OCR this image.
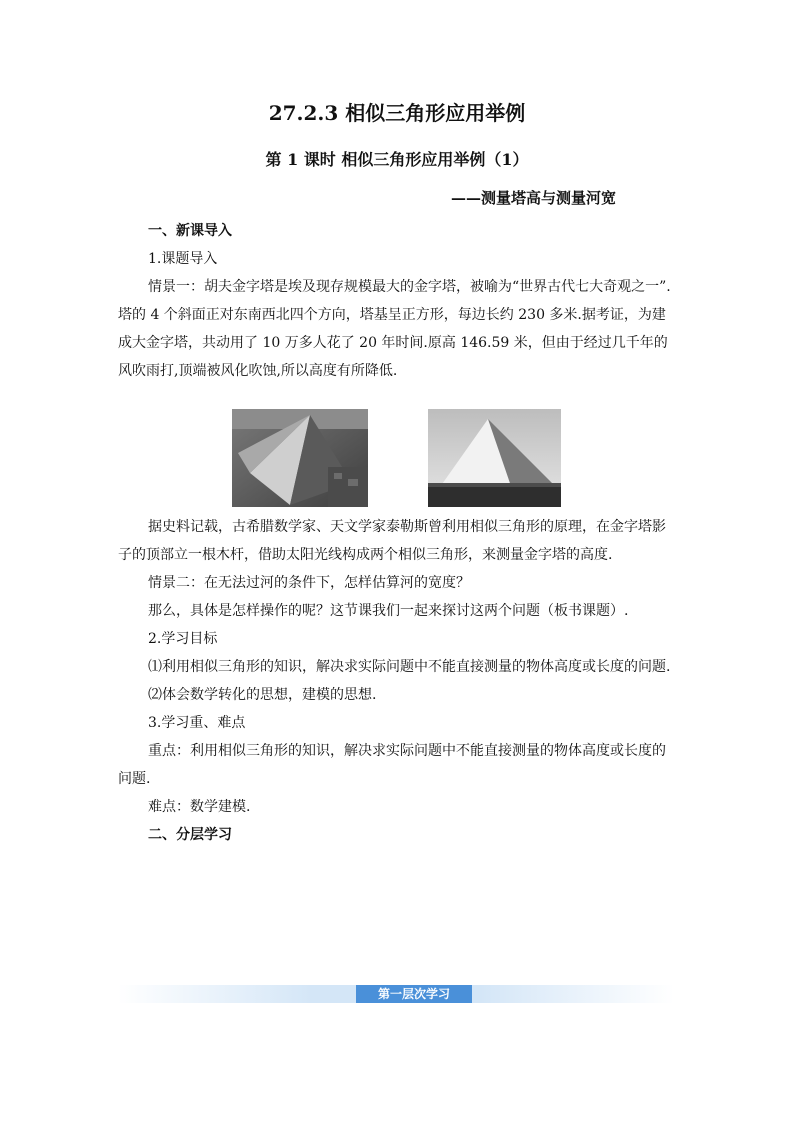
27.2.3 相似三角形应用举例
第 1 课时 相似三角形应用举例（1）
——测量塔高与测量河宽

一、新课导入

1.课题导入

情景一：胡夫金字塔是埃及现存规模最大的金字塔，被喻为“世界古代七大奇观之一”.塔的 4 个斜面正对东南西北四个方向，塔基呈正方形，每边长约 230 多米.据考证，为建成大金字塔，共动用了 10 万多人花了 20 年时间.原高 146.59 米，但由于经过几千年的风吹雨打,顶端被风化吹蚀,所以高度有所降低.

据史料记载，古希腊数学家、天文学家泰勒斯曾利用相似三角形的原理，在金字塔影子的顶部立一根木杆，借助太阳光线构成两个相似三角形，来测量金字塔的高度.

情景二：在无法过河的条件下，怎样估算河的宽度？

那么，具体是怎样操作的呢？这节课我们一起来探讨这两个问题（板书课题）.

2.学习目标

⑴利用相似三角形的知识，解决求实际问题中不能直接测量的物体高度或长度的问题.

⑵体会数学转化的思想，建模的思想.

3.学习重、难点

重点：利用相似三角形的知识，解决求实际问题中不能直接测量的物体高度或长度的问题.

难点：数学建模.

二、分层学习

第一层次学习
